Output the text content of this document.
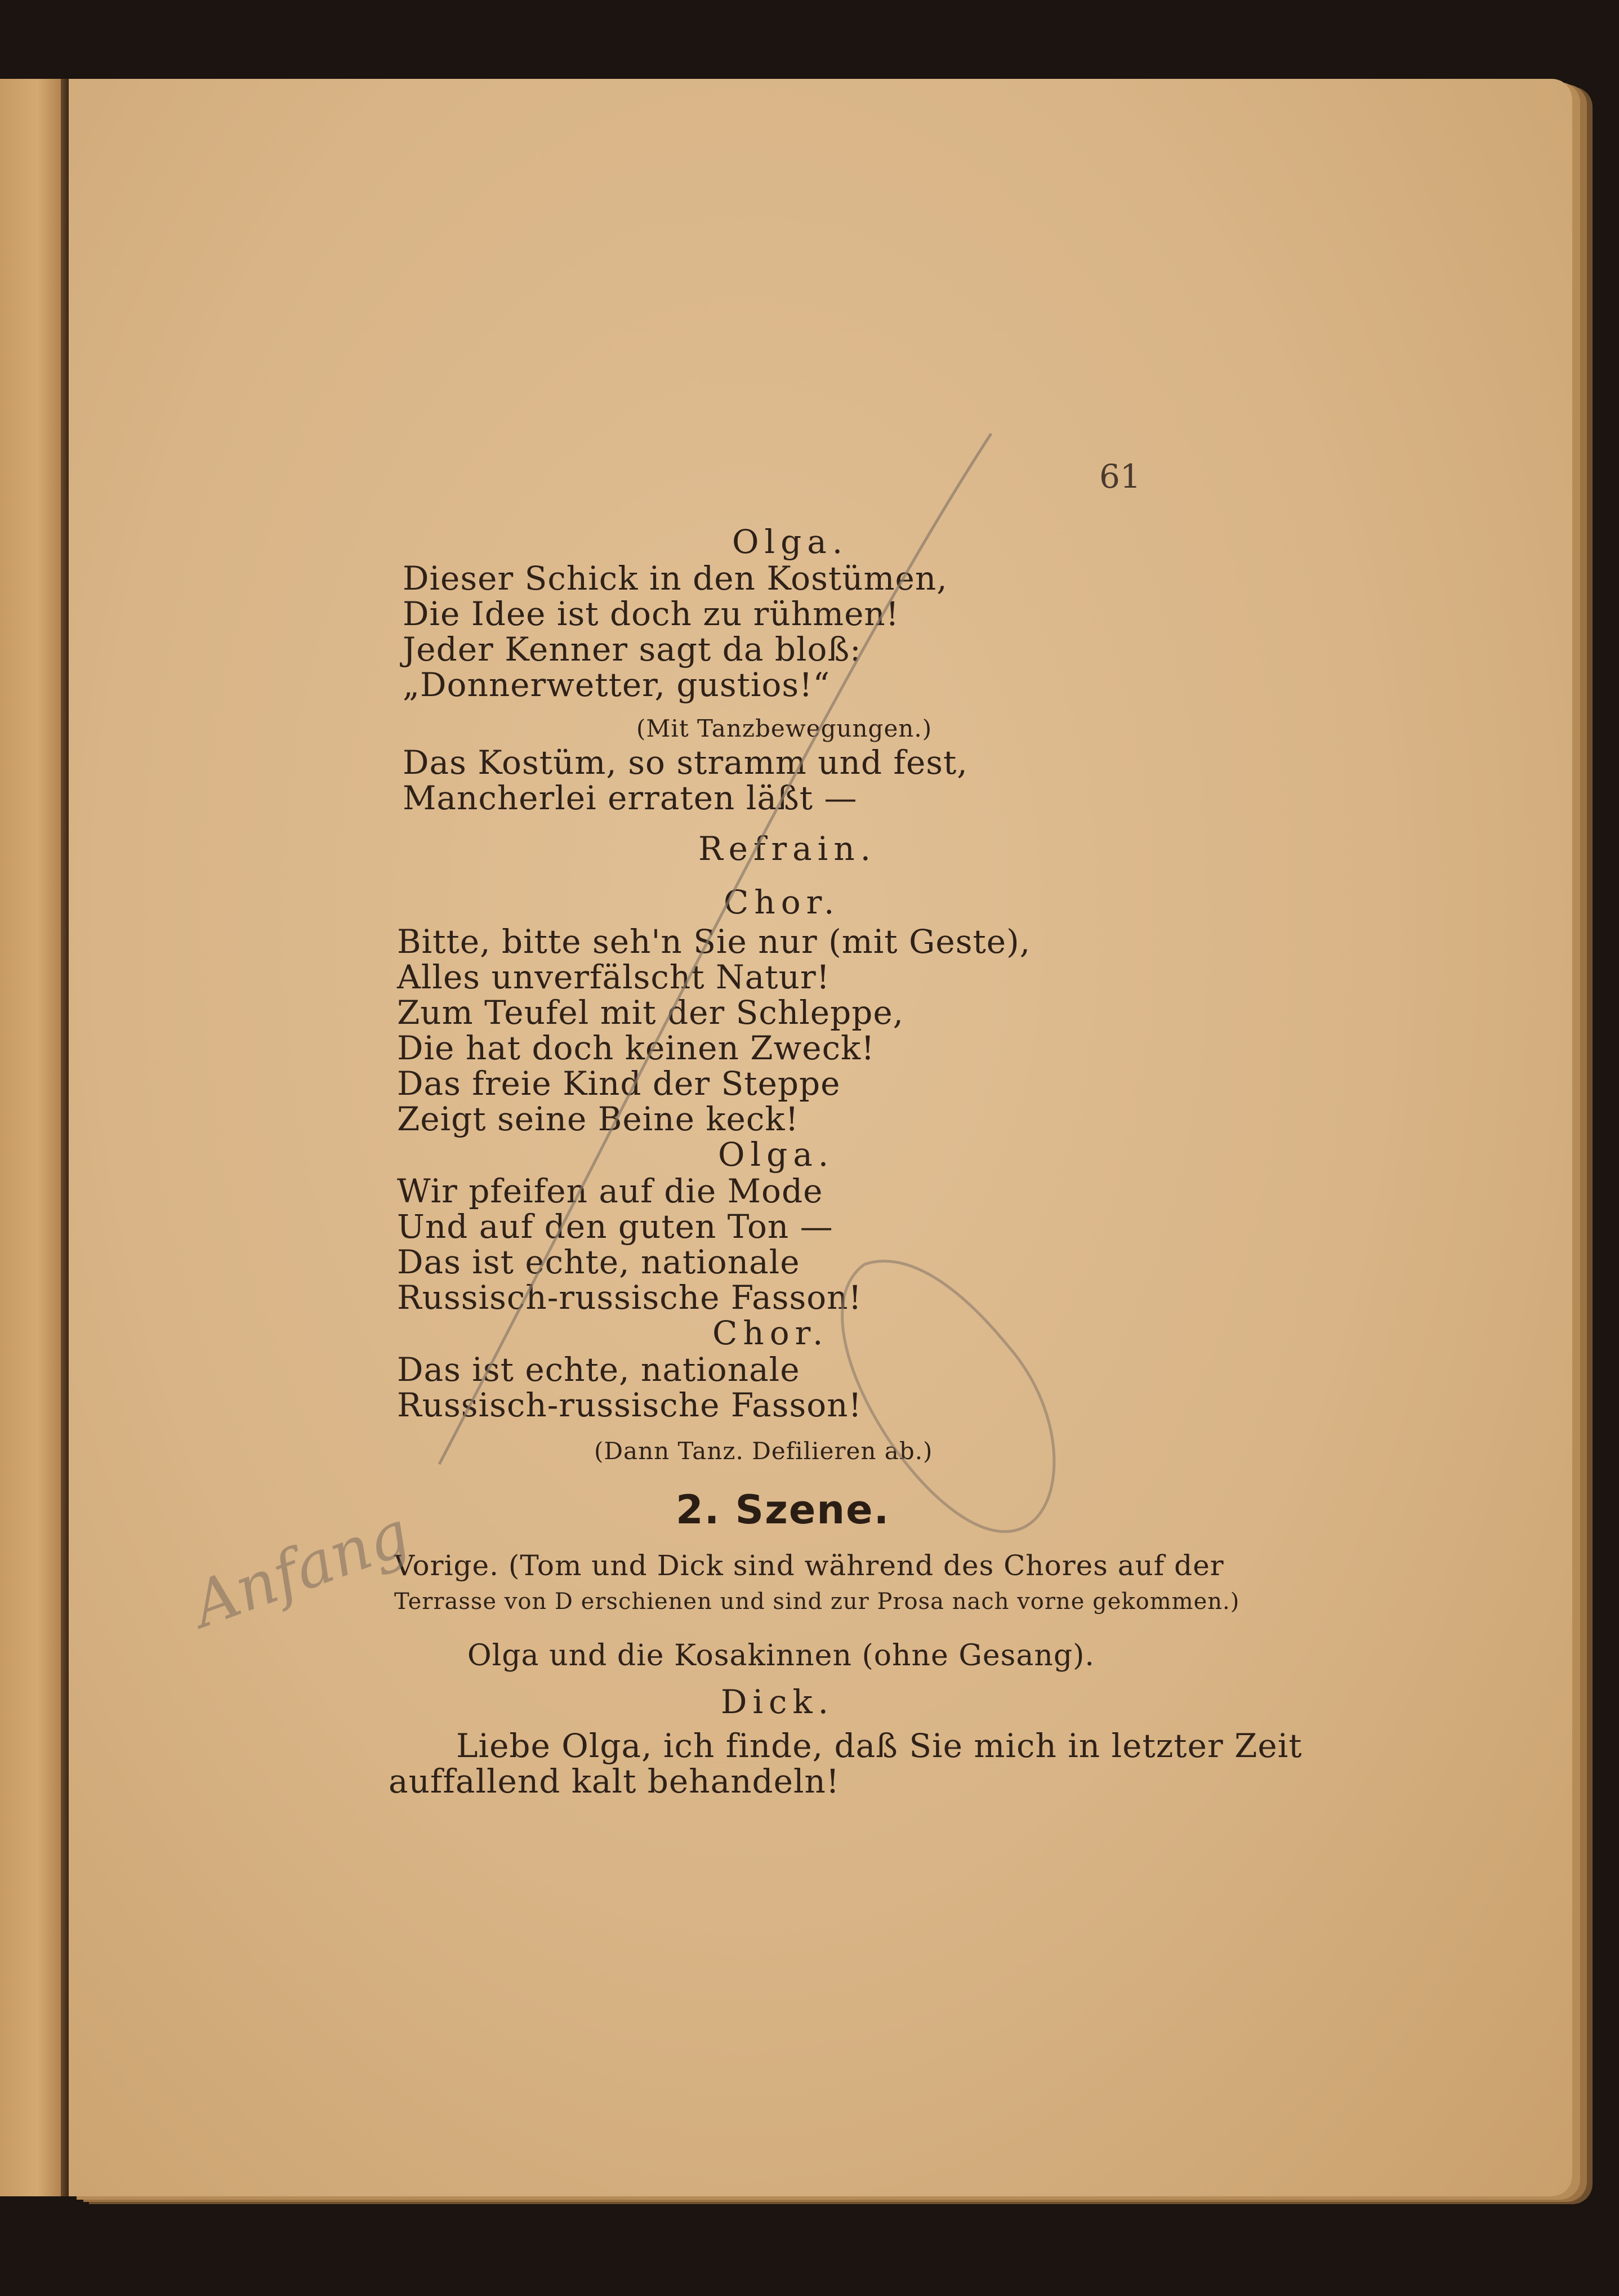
61
Olga.
Dieser Schick in den Kostümen,
Die Idee ist doch zu rühmen!
Jeder Kenner sagt da bloß:
„Donnerwetter, gustios!“
(Mit Tanzbewegungen.)
Das Kostüm, so stramm und fest,
Mancherlei erraten läßt —
Refrain.
Chor.
Bitte, bitte seh'n Sie nur (mit Geste),
Alles unverfälscht Natur!
Zum Teufel mit der Schleppe,
Die hat doch keinen Zweck!
Das freie Kind der Steppe
Zeigt seine Beine keck!
Olga.
Wir pfeifen auf die Mode
Und auf den guten Ton —
Das ist echte, nationale
Russisch-russische Fasson!
Chor.
Das ist echte, nationale
Russisch-russische Fasson!
(Dann Tanz. Defilieren ab.)
2. Szene.
Vorige. (Tom und Dick sind während des Chores auf der
Terrasse von D erschienen und sind zur Prosa nach vorne gekommen.)
Olga und die Kosakinnen (ohne Gesang).
Dick.
Liebe Olga, ich finde, daß Sie mich in letzter Zeit
auffallend kalt behandeln!
Anfang
